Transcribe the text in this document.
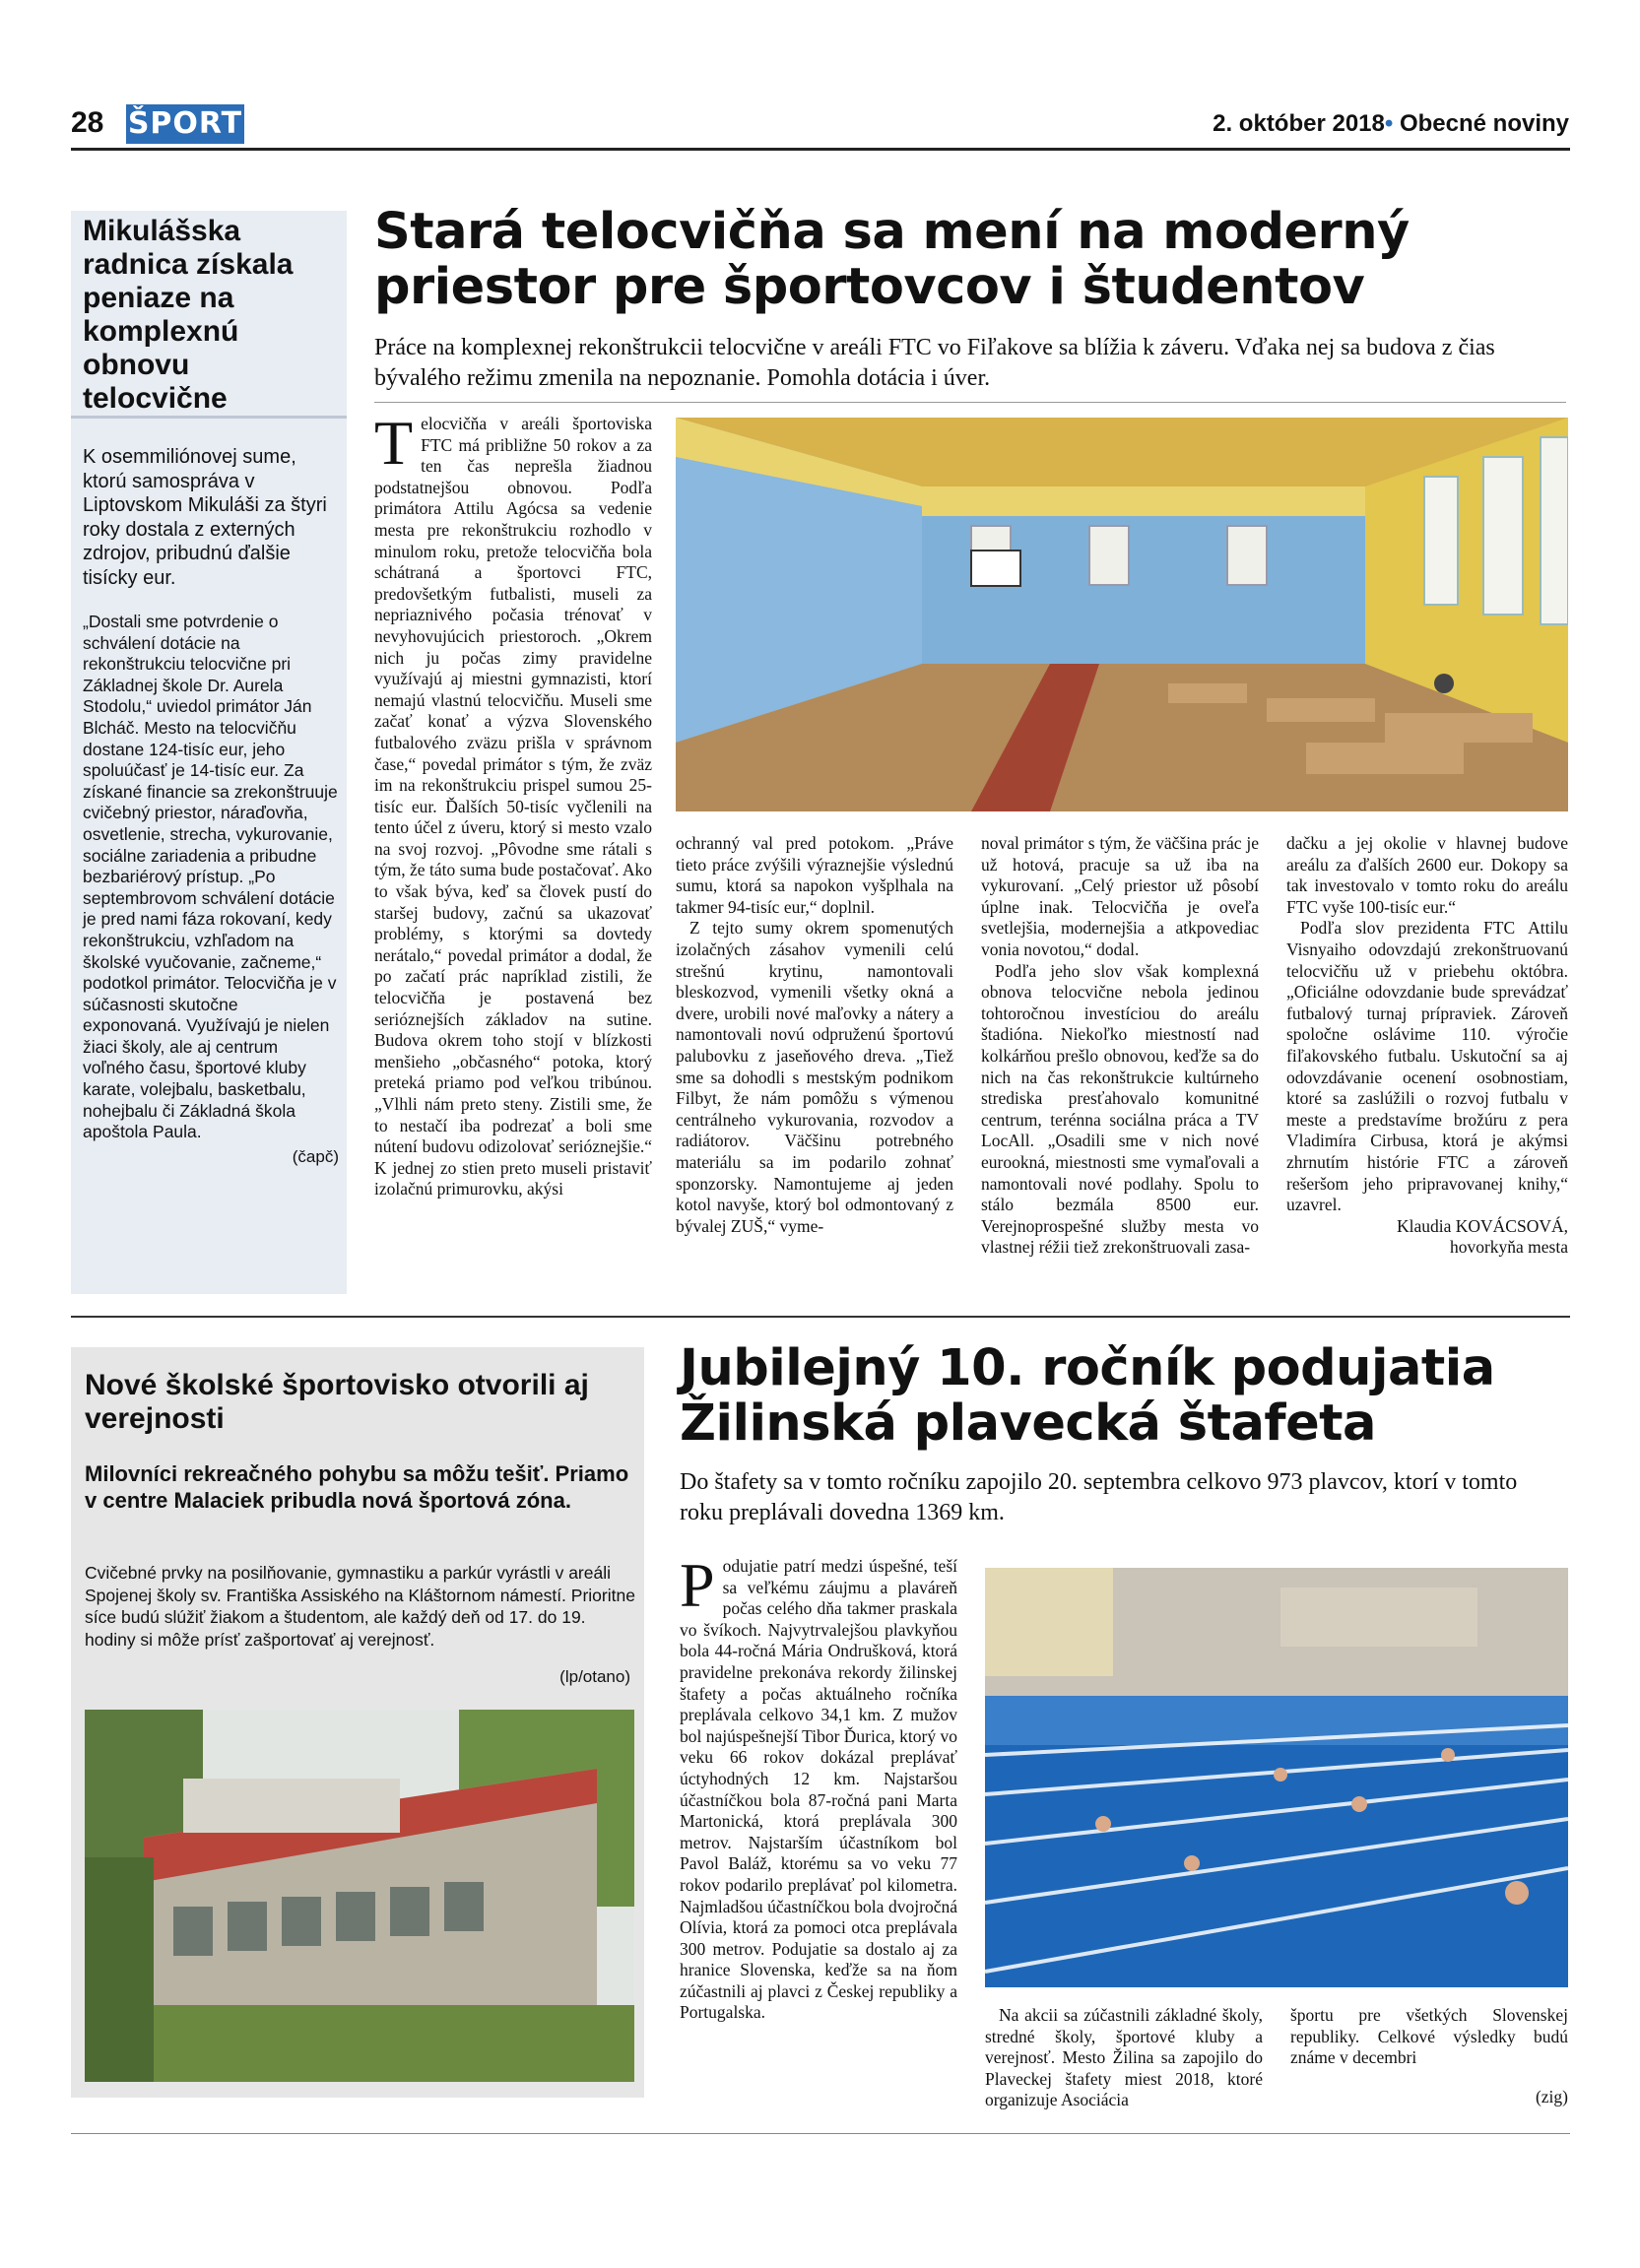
28 ŠPORT	2. október 2018• Obecné noviny
Mikulášska radnica získala peniaze na komplexnú obnovu telocvične
K osemmiliónovej sume, ktorú samospráva v Liptovskom Mikuláši za štyri roky dostala z externých zdrojov, pribudnú ďalšie tisícky eur.
„Dostali sme potvrdenie o schválení dotácie na rekonštrukciu telocvične pri Základnej škole Dr. Aurela Stodolu,“ uviedol primátor Ján Blcháč. Mesto na telocvičňu dostane 124-tisíc eur, jeho spoluúčasť je 14-tisíc eur. Za získané financie sa zrekonštruuje cvičebný priestor, náraďovňa, osvetlenie, strecha, vykurovanie, sociálne zariadenia a pribudne bezbariérový prístup. „Po septembrovom schválení dotácie je pred nami fáza rokovaní, kedy rekonštrukciu, vzhľadom na školské vyučovanie, začneme,“ podotkol primátor. Telocvičňa je v súčasnosti skutočne exponovaná. Využívajú je nielen žiaci školy, ale aj centrum voľného času, športové kluby karate, volejbalu, basketbalu, nohejbalu či Základná škola apoštola Paula.
(čapč)
Stará telocvičňa sa mení na moderný priestor pre športovcov i študentov
Práce na komplexnej rekonštrukcii telocvične v areáli FTC vo Fiľakove sa blížia k záveru. Vďaka nej sa budova z čias bývalého režimu zmenila na nepoznanie. Pomohla dotácia i úver.
T elocvičňa v areáli športoviska FTC má približne 50 rokov a za ten čas neprešla žiadnou podstatnejšou obnovou. Podľa primátora Attilu Agócsa sa vedenie mesta pre rekonštrukciu rozhodlo v minulom roku, pretože telocvičňa bola schátraná a športovci FTC, predovšetkým futbalisti, museli za nepriaznivého počasia trénovať v nevyhovujúcich priestoroch. „Okrem nich ju počas zimy pravidelne využívajú aj miestni gymnazisti, ktorí nemajú vlastnú telocvičňu. Museli sme začať konať a výzva Slovenského futbalového zväzu prišla v správnom čase,“ povedal primátor s tým, že zväz im na rekonštrukciu prispel sumou 25-tisíc eur. Ďalších 50-tisíc vyčlenili na tento účel z úveru, ktorý si mesto vzalo na svoj rozvoj. „Pôvodne sme rátali s tým, že táto suma bude postačovať. Ako to však býva, keď sa človek pustí do staršej budovy, začnú sa ukazovať problémy, s ktorými sa dovtedy nerátalo,“ povedal primátor a dodal, že po začatí prác napríklad zistili, že telocvičňa je postavená bez serióznejších základov na sutine. Budova okrem toho stojí v blízkosti menšieho „občasného“ potoka, ktorý preteká priamo pod veľkou tribúnou. „Vlhli nám preto steny. Zistili sme, že to nestačí iba podrezať a boli sme nútení budovu odizolovať serióznejšie.“ K jednej zo stien preto museli pristaviť izolačnú primurovku, akýsi

ochranný val pred potokom. „Práve tieto práce zvýšili výraznejšie výslednú sumu, ktorá sa napokon vyšplhala na takmer 94-tisíc eur,“ doplnil.

Z tejto sumy okrem spomenutých izolačných zásahov vymenili celú strešnú krytinu, namontovali bleskozvod, vymenili všetky okná a dvere, urobili nové maľovky a nátery a namontovali novú odpruženú športovú palubovku z jaseňového dreva. „Tiež sme sa dohodli s mestským podnikom Filbyt, že nám pomôžu s výmenou centrálneho vykurovania, rozvodov a radiátorov. Väčšinu potrebného materiálu sa im podarilo zohnať sponzorsky. Namontujeme aj jeden kotol navyše, ktorý bol odmontovaný z bývalej ZUŠ,“ vyme-

noval primátor s tým, že väčšina prác je už hotová, pracuje sa už iba na vykurovaní. „Celý priestor už pôsobí úplne inak. Telocvičňa je oveľa svetlejšia, modernejšia a atkpovediac vonia novotou,“ dodal.

Podľa jeho slov však komplexná obnova telocvične nebola jedinou tohtoročnou investíciou do areálu štadióna. Niekoľko miestností nad kolkárňou prešlo obnovou, keďže sa do nich na čas rekonštrukcie kultúrneho strediska presťahovalo komunitné centrum, terénna sociálna práca a TV LocAll. „Osadili sme v nich nové eurookná, miestnosti sme vymaľovali a namontovali nové podlahy. Spolu to stálo bezmála 8500 eur. Verejnoprospešné služby mesta vo vlastnej réžii tiež zrekonštruovali zasa-

dačku a jej okolie v hlavnej budove areálu za ďalších 2600 eur. Dokopy sa tak investovalo v tomto roku do areálu FTC vyše 100-tisíc eur.“

Podľa slov prezidenta FTC Attilu Visnyaiho odovzdajú zrekonštruovanú telocvičňu už v priebehu októbra. „Oficiálne odovzdanie bude sprevádzať futbalový turnaj prípraviek. Zároveň spoločne oslávime 110. výročie fiľakovského futbalu. Uskutoční sa aj odovzdávanie ocenení osobnostiam, ktoré sa zaslúžili o rozvoj futbalu v meste a predstavíme brožúru z pera Vladimíra Cirbusa, ktorá je akýmsi zhrnutím histórie FTC a zároveň rešeršom jeho pripravovanej knihy,“ uzavrel.

Klaudia KOVÁCSOVÁ,
hovorkyňa mesta
Nové školské športovisko otvorili aj verejnosti
Milovníci rekreačného pohybu sa môžu tešiť. Priamo v centre Malaciek pribudla nová športová zóna.
Cvičebné prvky na posilňovanie, gymnastiku a parkúr vyrástli v areáli Spojenej školy sv. Františka Assiského na Kláštornom námestí. Prioritne síce budú slúžiť žiakom a študentom, ale každý deň od 17. do 19. hodiny si môže prísť zašportovať aj verejnosť.
(lp/otano)
Jubilejný 10. ročník podujatia Žilinská plavecká štafeta
Do štafety sa v tomto ročníku zapojilo 20. septembra celkovo 973 plavcov, ktorí v tomto roku preplávali dovedna 1369 km.
P odujatie patrí medzi úspešné, teší sa veľkému záujmu a plaváreň počas celého dňa takmer praskala vo švíkoch. Najvytrvalejšou plavkyňou bola 44-ročná Mária Ondrušková, ktorá pravidelne prekonáva rekordy žilinskej štafety a počas aktuálneho ročníka preplávala celkovo 34,1 km. Z mužov bol najúspešnejší Tibor Ďurica, ktorý vo veku 66 rokov dokázal preplávať úctyhodných 12 km. Najstaršou účastníčkou bola 87-ročná pani Marta Martonická, ktorá preplávala 300 metrov. Najstarším účastníkom bol Pavol Baláž, ktorému sa vo veku 77 rokov podarilo preplávať pol kilometra. Najmladšou účastníčkou bola dvojročná Olívia, ktorá za pomoci otca preplávala 300 metrov. Podujatie sa dostalo aj za hranice Slovenska, keďže sa na ňom zúčastnili aj plavci z Českej republiky a Portugalska.	Na akcii sa zúčastnili základné školy, stredné školy, športové kluby a verejnosť. Mesto Žilina sa zapojilo do Plaveckej štafety miest 2018, ktoré organizuje Asociácia

športu pre všetkých Slovenskej republiky. Celkové výsledky budú známe v decembri
(zig)
